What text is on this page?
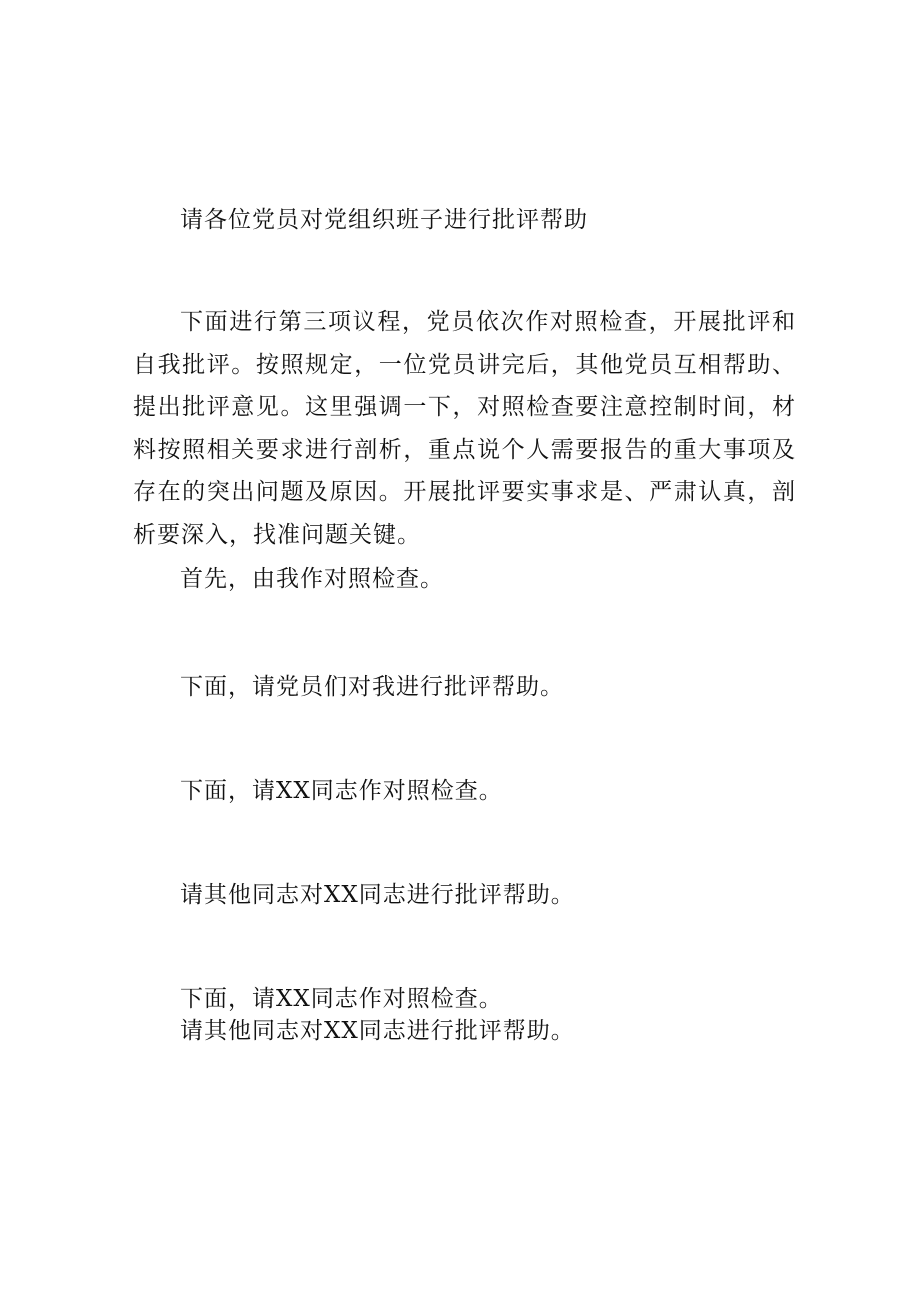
请各位党员对党组织班子进行批评帮助
下面进行第三项议程，党员依次作对照检查，开展批评和自我批评。按照规定，一位党员讲完后，其他党员互相帮助、提出批评意见。这里强调一下，对照检查要注意控制时间，材料按照相关要求进行剖析，重点说个人需要报告的重大事项及存在的突出问题及原因。开展批评要实事求是、严肃认真，剖析要深入，找准问题关键。
首先，由我作对照检查。
下面，请党员们对我进行批评帮助。
下面，请XX同志作对照检查。
请其他同志对XX同志进行批评帮助。
下面，请XX同志作对照检查。
请其他同志对XX同志进行批评帮助。
